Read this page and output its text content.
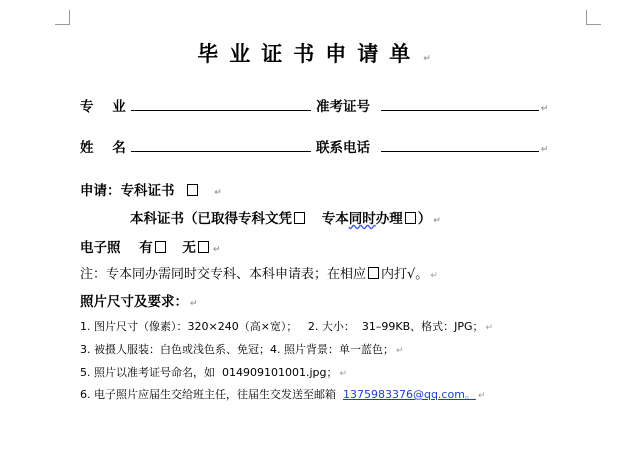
毕业证书申请单 ↵
专    业	准考证号	↵
姓    名	联系电话	↵
申请：专科证书	↵
本科证书（已取得专科文凭 专本同时办理 ） ↵
电子照 有 无 ↵
注：专本同办需同时交专科、本科申请表；在相应 内打√。 ↵
照片尺寸及要求： ↵
1. 图片尺寸（像素）：320×240（高×宽）；   2. 大小：  31–99KB、格式：JPG； ↵
3. 被摄人服装：白色或浅色系、免冠；4. 照片背景：单一蓝色； ↵
5. 照片以准考证号命名，如  014909101001.jpg； ↵
6. 电子照片应届生交给班主任，往届生交发送至邮箱  1375983376@qq.com。 ↵
